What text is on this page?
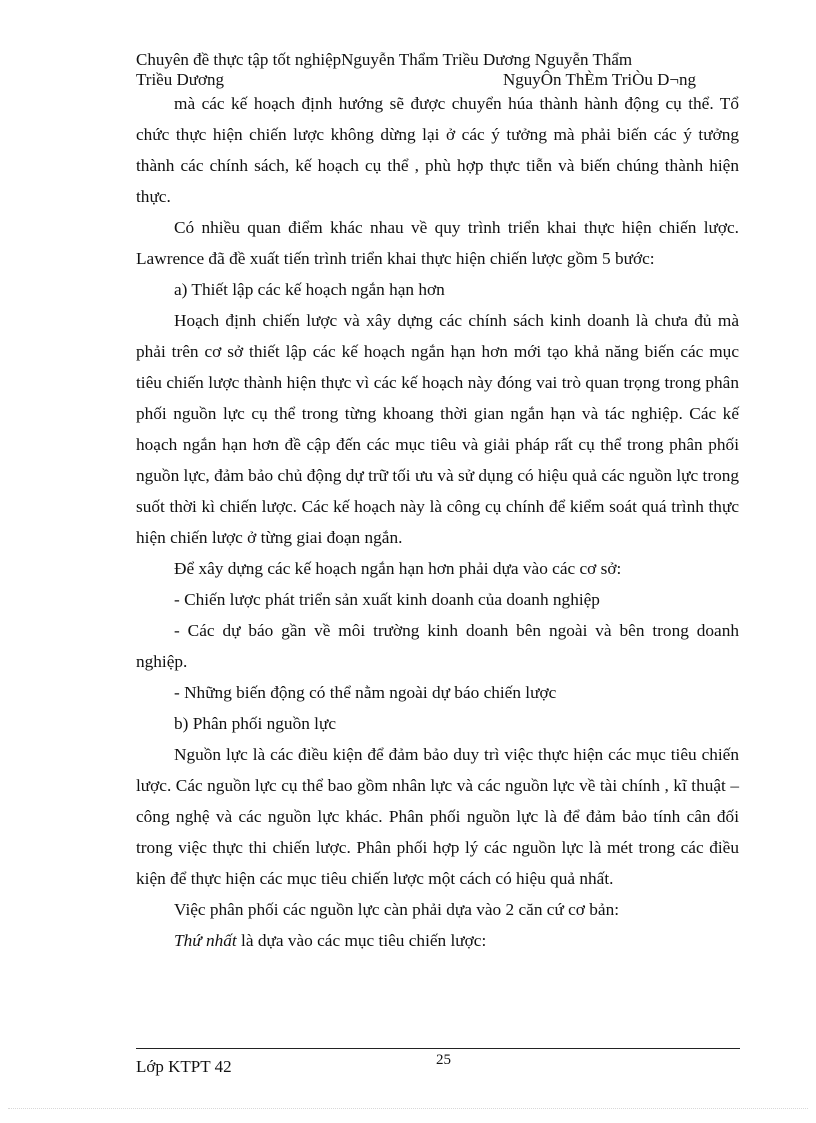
Chuyên đề thực tập tốt nghiệpNguyễn Thẩm Triều Dương Nguyễn Thẩm
Triều Dương	NguyÔn ThÈm TriÒu D¬ng

mà các kế hoạch định hướng sẽ được chuyển húa thành hành động cụ thể. Tổ chức thực hiện chiến lược không dừng lại ở các ý tưởng mà phải biến các ý tưởng thành các chính sách, kế hoạch cụ thể , phù hợp thực tiễn và biến chúng thành hiện thực.

Có nhiều quan điểm khác nhau về quy trình triển khai thực hiện chiến lược. Lawrence đã đề xuất tiến trình triển khai thực hiện chiến lược gồm 5 bước:

a) Thiết lập các kế hoạch ngắn hạn hơn

Hoạch định chiến lược và xây dựng các chính sách kinh doanh là chưa đủ mà phải trên cơ sở thiết lập các kế hoạch ngắn hạn hơn mới tạo khả năng biến các mục tiêu chiến lược thành hiện thực vì các kế hoạch này đóng vai trò quan trọng trong phân phối nguồn lực cụ thể trong từng khoang thời gian ngắn hạn và tác nghiệp. Các kế hoạch ngắn hạn hơn đề cập đến các mục tiêu và giải pháp rất cụ thể trong phân phối nguồn lực, đảm bảo chủ động dự trữ tối ưu và sử dụng có hiệu quả các nguồn lực trong suốt thời kì chiến lược. Các kế hoạch này là công cụ chính để kiểm soát quá trình thực hiện chiến lược ở từng giai đoạn ngắn.

Để xây dựng các kế hoạch ngắn hạn hơn phải dựa vào các cơ sở:

- Chiến lược phát triển sản xuất kinh doanh của doanh nghiệp

- Các dự báo gần về môi trường kinh doanh bên ngoài và bên trong doanh nghiệp.

- Những biến động có thể nằm ngoài dự báo chiến lược

b) Phân phối nguồn lực

Nguồn lực là các điều kiện để đảm bảo duy trì việc thực hiện các mục tiêu chiến lược. Các nguồn lực cụ thể bao gồm nhân lực và các nguồn lực về tài chính , kĩ thuật – công nghệ và các nguồn lực khác. Phân phối nguồn lực là để đảm bảo tính cân đối trong việc thực thi chiến lược. Phân phối hợp lý các nguồn lực là mét trong các điều kiện để thực hiện các mục tiêu chiến lược một cách có hiệu quả nhất.

Việc phân phối các nguồn lực càn phải dựa vào 2 căn cứ cơ bản:

Thứ nhất là dựa vào các mục tiêu chiến lược:

25
Lớp KTPT 42
